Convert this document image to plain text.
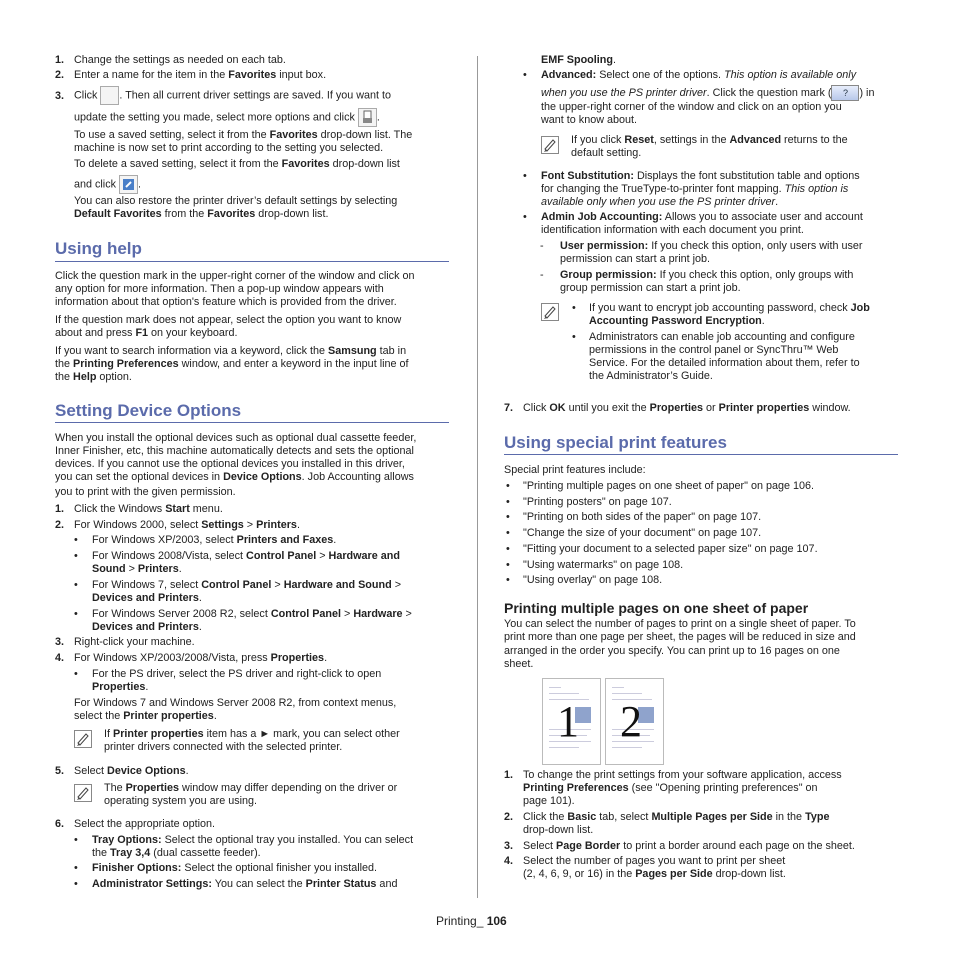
1. Change the settings as needed on each tab.
2. Enter a name for the item in the Favorites input box.
3. Click . Then all current driver settings are saved. If you want to
update the setting you made, select more options and click .
To use a saved setting, select it from the Favorites drop-down list. The
machine is now set to print according to the setting you selected.
To delete a saved setting, select it from the Favorites drop-down list
and click .
You can also restore the printer driver’s default settings by selecting
Default Favorites from the Favorites drop-down list.
Using help
Click the question mark in the upper-right corner of the window and click on
any option for more information. Then a pop-up window appears with
information about that option's feature which is provided from the driver.
If the question mark does not appear, select the option you want to know
about and press F1 on your keyboard.
If you want to search information via a keyword, click the Samsung tab in
the Printing Preferences window, and enter a keyword in the input line of
the Help option.
Setting Device Options
When you install the optional devices such as optional dual cassette feeder,
Inner Finisher, etc, this machine automatically detects and sets the optional
devices. If you cannot use the optional devices you installed in this driver,
you can set the optional devices in Device Options. Job Accounting allows
you to print with the given permission.
1. Click the Windows Start menu.
2. For Windows 2000, select Settings > Printers.
• For Windows XP/2003, select Printers and Faxes.
• For Windows 2008/Vista, select Control Panel > Hardware and
Sound > Printers.
• For Windows 7, select Control Panel > Hardware and Sound >
Devices and Printers.
• For Windows Server 2008 R2, select Control Panel > Hardware >
Devices and Printers.
3. Right-click your machine.
4. For Windows XP/2003/2008/Vista, press Properties.
• For the PS driver, select the PS driver and right-click to open
Properties.
For Windows 7 and Windows Server 2008 R2, from context menus,
select the Printer properties.
If Printer properties item has a ► mark, you can select other
printer drivers connected with the selected printer.
5. Select Device Options.
The Properties window may differ depending on the driver or
operating system you are using.
6. Select the appropriate option.
• Tray Options: Select the optional tray you installed. You can select
the Tray 3,4 (dual cassette feeder).
• Finisher Options: Select the optional finisher you installed.
• Administrator Settings: You can select the Printer Status and
EMF Spooling.
• Advanced: Select one of the options. This option is available only
when you use the PS printer driver. Click the question mark ( ? ) in
the upper-right corner of the window and click on an option you
want to know about.
If you click Reset, settings in the Advanced returns to the
default setting.
• Font Substitution: Displays the font substitution table and options
for changing the TrueType-to-printer font mapping. This option is
available only when you use the PS printer driver.
• Admin Job Accounting: Allows you to associate user and account
identification information with each document you print.
- User permission: If you check this option, only users with user
permission can start a print job.
- Group permission: If you check this option, only groups with
group permission can start a print job.
• If you want to encrypt job accounting password, check Job
Accounting Password Encryption.
• Administrators can enable job accounting and configure
permissions in the control panel or SyncThru™ Web
Service. For the detailed information about them, refer to
the Administrator’s Guide.
7. Click OK until you exit the Properties or Printer properties window.
Using special print features
Special print features include:
• "Printing multiple pages on one sheet of paper" on page 106.
• "Printing posters" on page 107.
• "Printing on both sides of the paper" on page 107.
• "Change the size of your document" on page 107.
• "Fitting your document to a selected paper size" on page 107.
• "Using watermarks" on page 108.
• "Using overlay" on page 108.
Printing multiple pages on one sheet of paper
You can select the number of pages to print on a single sheet of paper. To
print more than one page per sheet, the pages will be reduced in size and
arranged in the order you specify. You can print up to 16 pages on one
sheet.
1 2
1. To change the print settings from your software application, access
Printing Preferences (see "Opening printing preferences" on
page 101).
2. Click the Basic tab, select Multiple Pages per Side in the Type
drop-down list.
3. Select Page Border to print a border around each page on the sheet.
4. Select the number of pages you want to print per sheet
(2, 4, 6, 9, or 16) in the Pages per Side drop-down list.
Printing_ 106
